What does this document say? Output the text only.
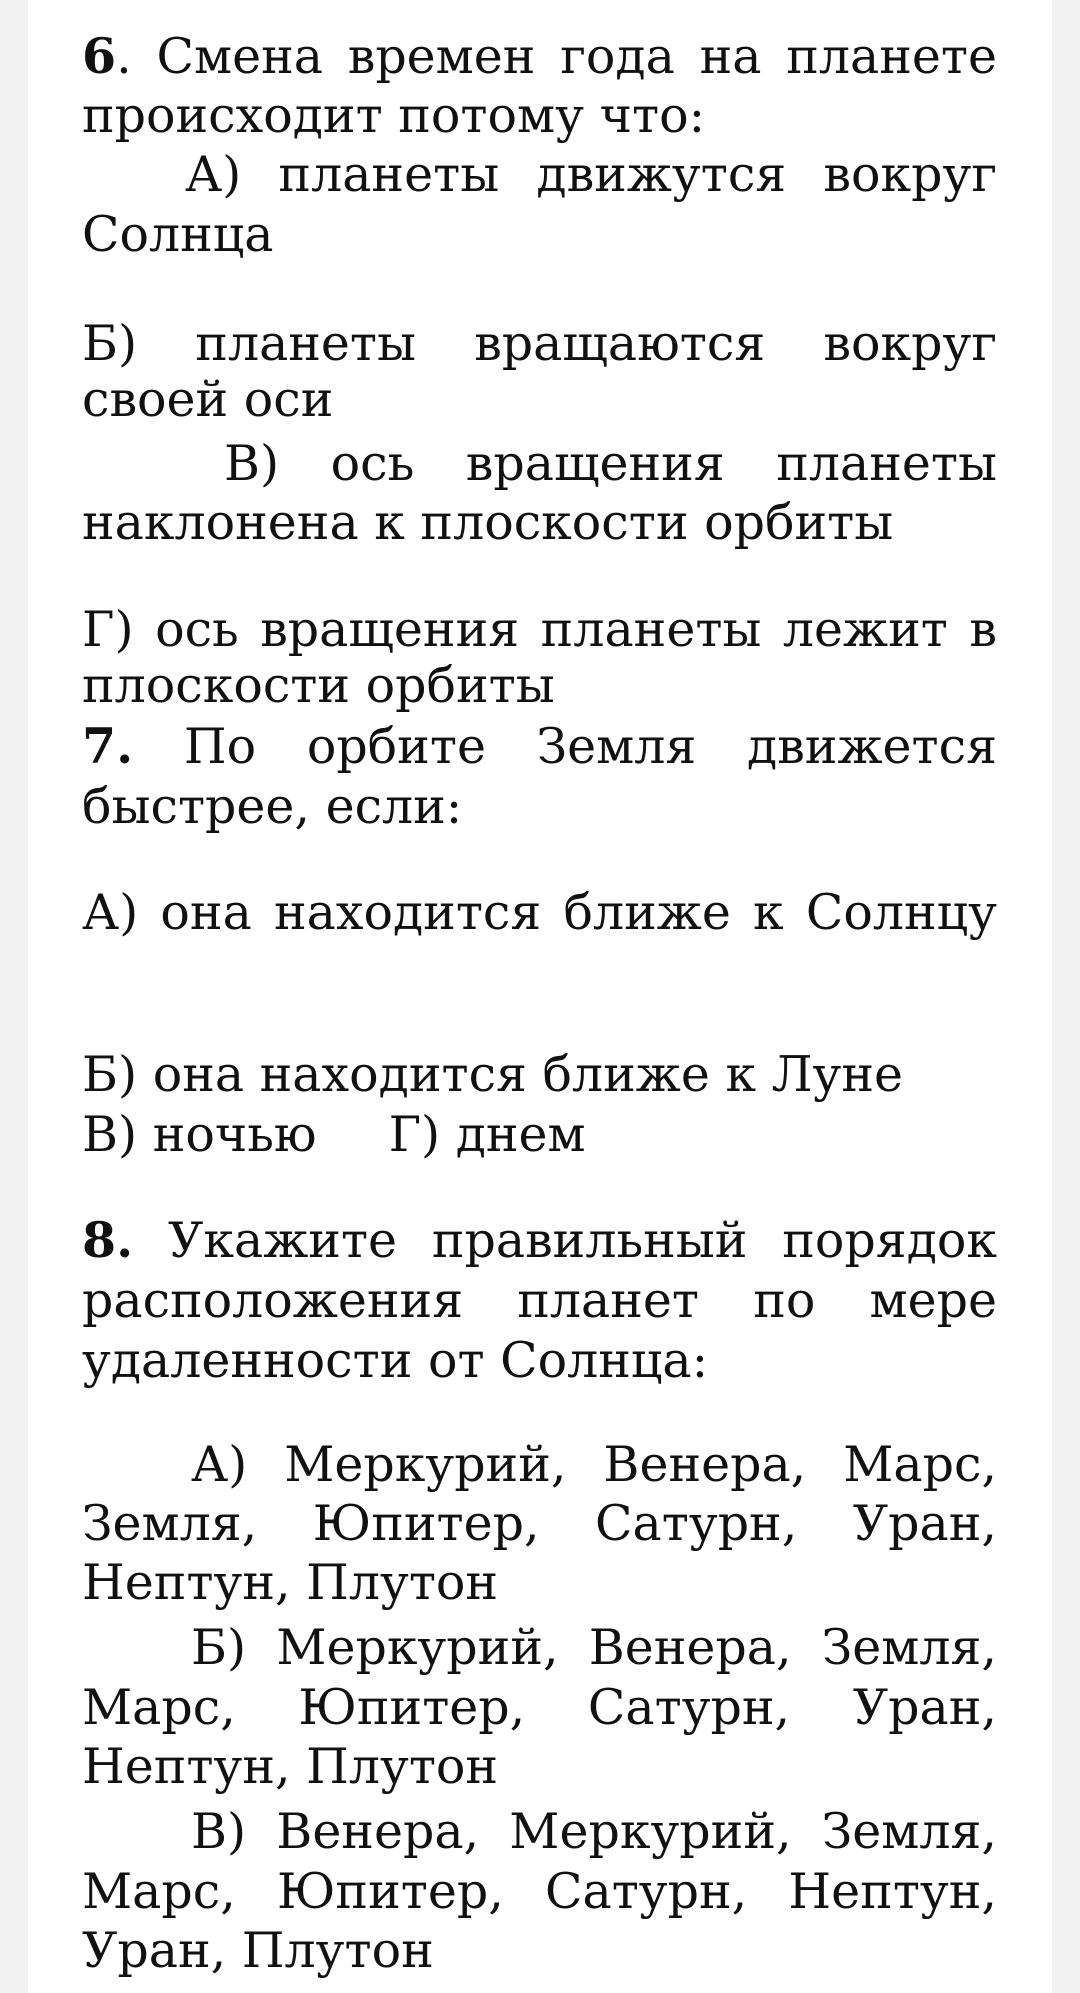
6. Смена времен года на планете
происходит потому что:
А) планеты движутся вокруг
Солнца
Б) планеты вращаются вокруг
своей оси
В) ось вращения планеты
наклонена к плоскости орбиты
Г) ось вращения планеты лежит в
плоскости орбиты
7. По орбите Земля движется
быстрее, если:
А) она находится ближе к Солнцу
Б) она находится ближе к Луне
В) ночью Г) днем
8. Укажите правильный порядок
расположения планет по мере
удаленности от Солнца:
А) Меркурий, Венера, Марс,
Земля, Юпитер, Сатурн, Уран,
Нептун, Плутон
Б) Меркурий, Венера, Земля,
Марс, Юпитер, Сатурн, Уран,
Нептун, Плутон
В) Венера, Меркурий, Земля,
Марс, Юпитер, Сатурн, Нептун,
Уран, Плутон
